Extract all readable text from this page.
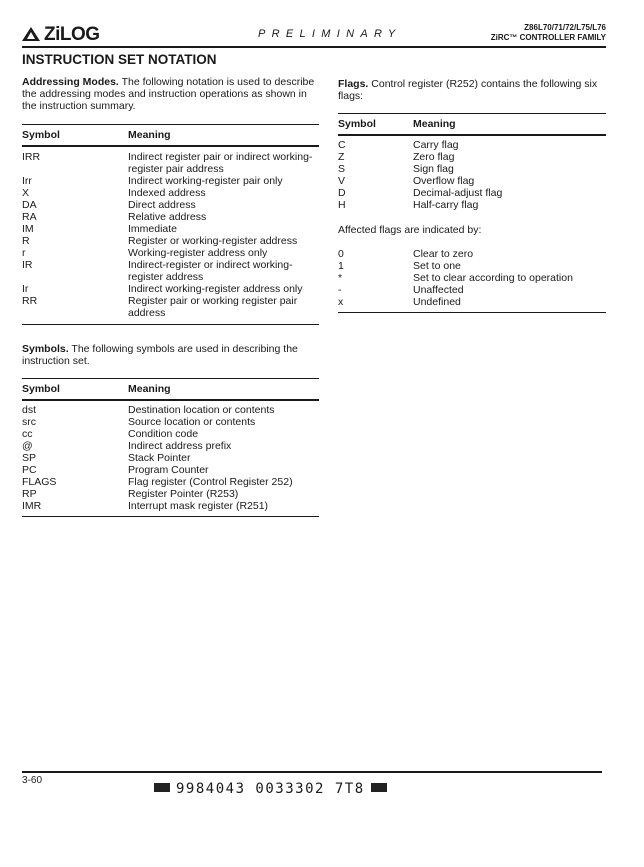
ZiLOG	PRELIMINARY
Z86L70/71/72/L75/L76
ZiRC™ CONTROLLER FAMILY
INSTRUCTION SET NOTATION
Addressing Modes. The following notation is used to describe the addressing modes and instruction operations as shown in the instruction summary.
Symbol	Meaning
IRR	Indirect register pair or indirect working-register pair address
Irr	Indirect working-register pair only
X	Indexed address
DA	Direct address
RA	Relative address
IM	Immediate
R	Register or working-register address
r	Working-register address only
IR	Indirect-register or indirect working-register address
Ir	Indirect working-register address only
RR	Register pair or working register pair address
Symbols. The following symbols are used in describing the instruction set.
Symbol	Meaning
dst	Destination location or contents
src	Source location or contents
cc	Condition code
@	Indirect address prefix
SP	Stack Pointer
PC	Program Counter
FLAGS	Flag register (Control Register 252)
RP	Register Pointer (R253)
IMR	Interrupt mask register (R251)
Flags. Control register (R252) contains the following six flags:
Symbol	Meaning
C	Carry flag
Z	Zero flag
S	Sign flag
V	Overflow flag
D	Decimal-adjust flag
H	Half-carry flag
Affected flags are indicated by:
0	Clear to zero
1	Set to one
*	Set to clear according to operation
-	Unaffected
x	Undefined
3-60
9984043 0033302 7T8
